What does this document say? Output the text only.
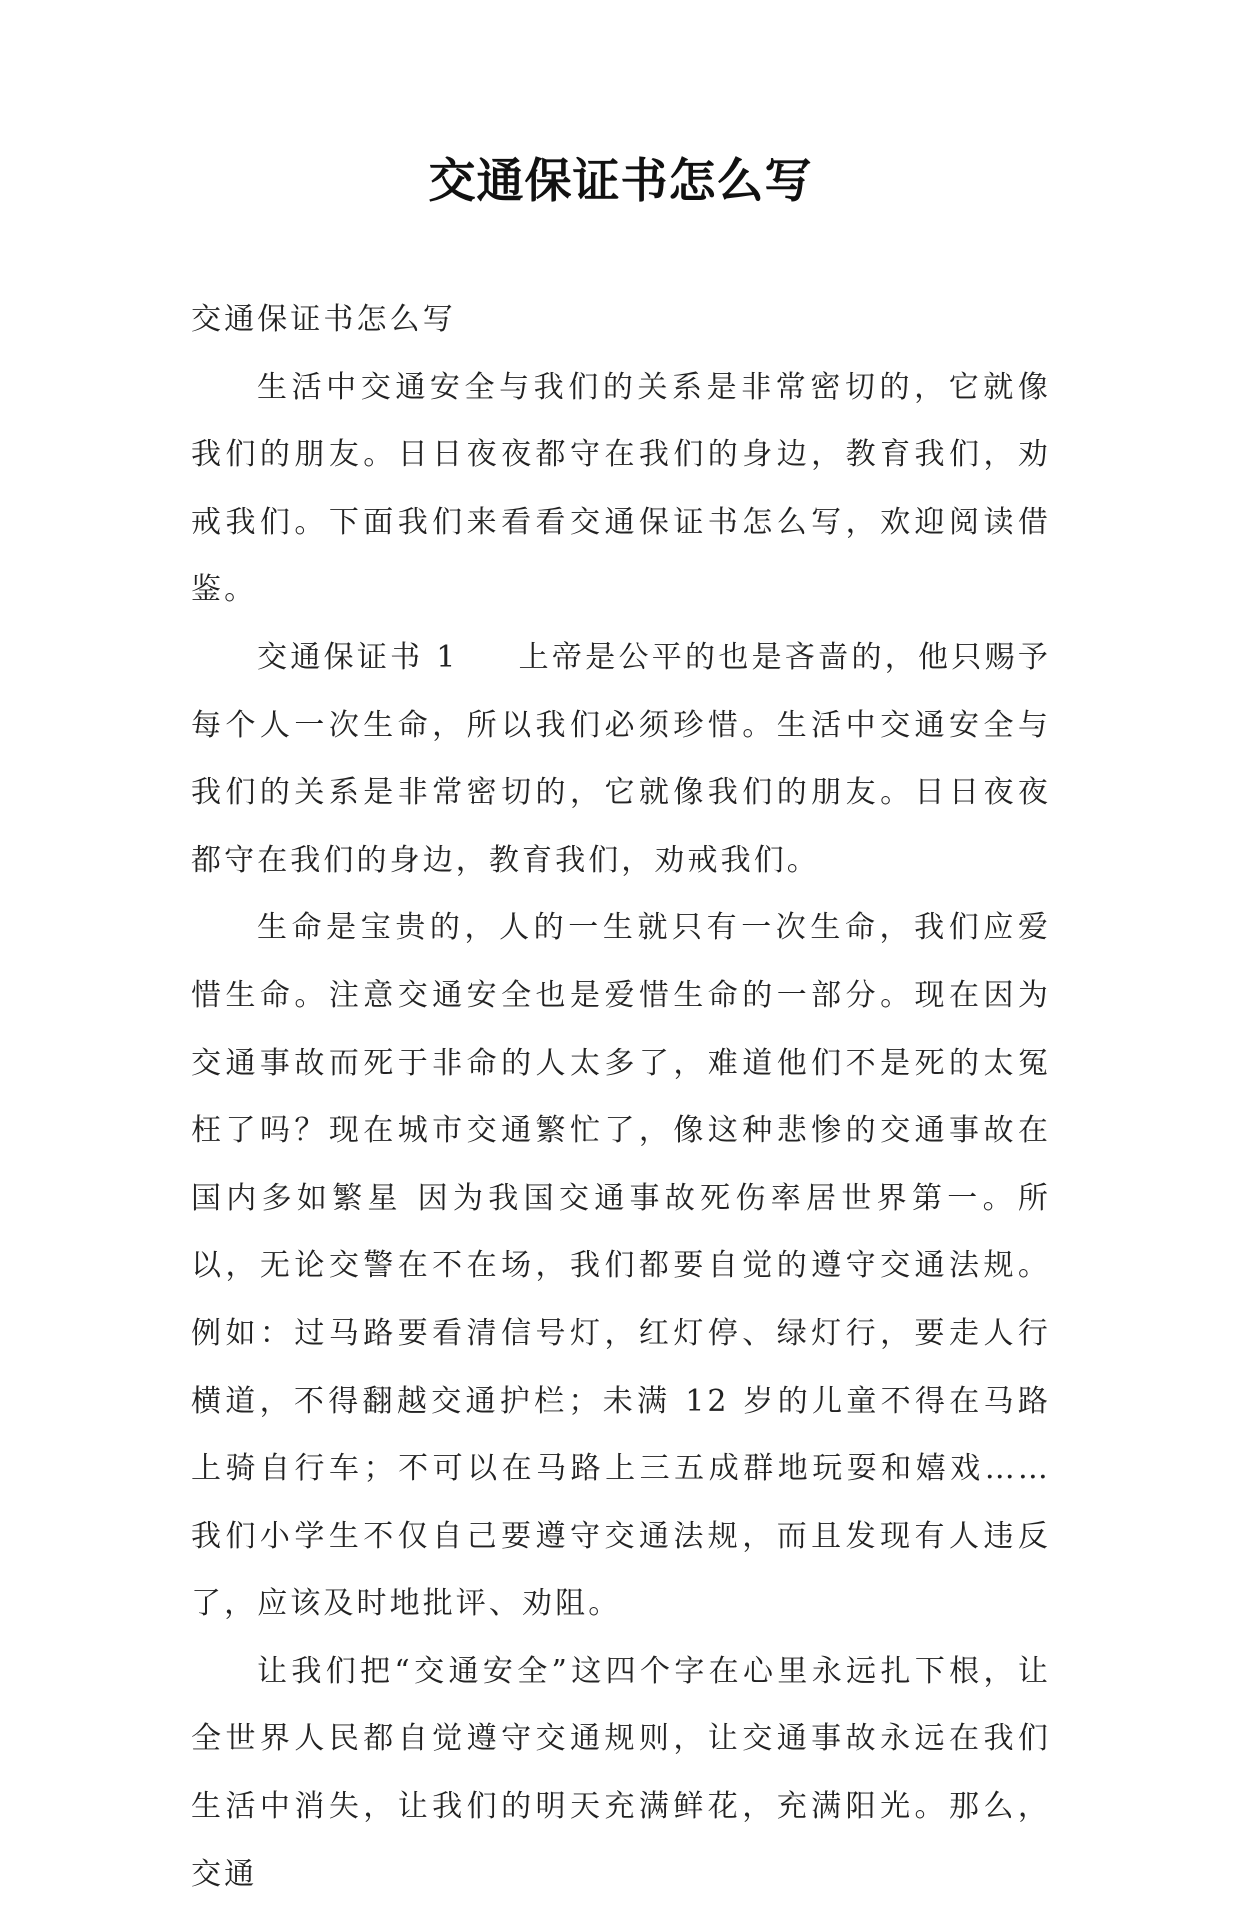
交通保证书怎么写

交通保证书怎么写

生活中交通安全与我们的关系是非常密切的，它就像我们的朋友。日日夜夜都守在我们的身边，教育我们，劝戒我们。下面我们来看看交通保证书怎么写，欢迎阅读借鉴。

交通保证书 1 上帝是公平的也是吝啬的，他只赐予每个人一次生命，所以我们必须珍惜。生活中交通安全与我们的关系是非常密切的，它就像我们的朋友。日日夜夜都守在我们的身边，教育我们，劝戒我们。

生命是宝贵的，人的一生就只有一次生命，我们应爱惜生命。注意交通安全也是爱惜生命的一部分。现在因为交通事故而死于非命的人太多了，难道他们不是死的太冤枉了吗？现在城市交通繁忙了，像这种悲惨的交通事故在国内多如繁星 因为我国交通事故死伤率居世界第一。所以，无论交警在不在场，我们都要自觉的遵守交通法规。例如：过马路要看清信号灯，红灯停、绿灯行，要走人行横道，不得翻越交通护栏；未满 12 岁的儿童不得在马路上骑自行车；不可以在马路上三五成群地玩耍和嬉戏……我们小学生不仅自己要遵守交通法规，而且发现有人违反了，应该及时地批评、劝阻。

让我们把“交通安全”这四个字在心里永远扎下根，让全世界人民都自觉遵守交通规则，让交通事故永远在我们生活中消失，让我们的明天充满鲜花，充满阳光。那么，交通
